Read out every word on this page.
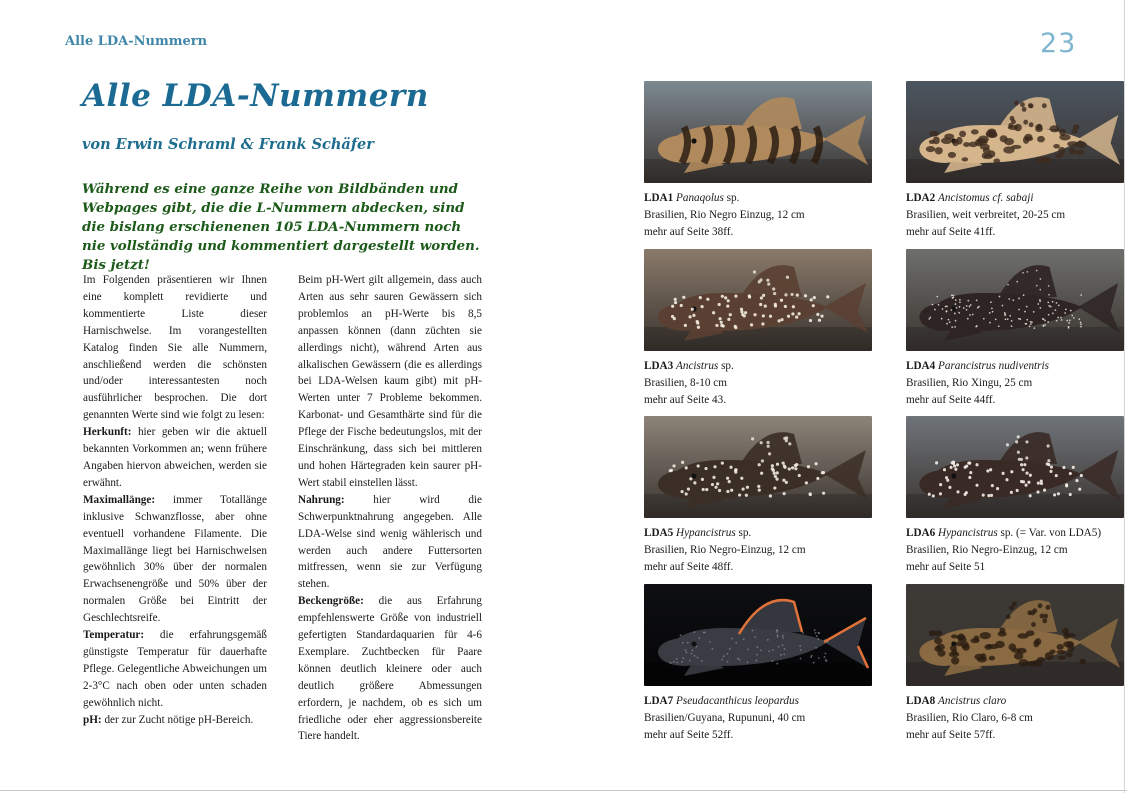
Alle LDA-Nummern	23
Alle LDA-Nummern
von Erwin Schraml & Frank Schäfer

Während es eine ganze Reihe von Bildbänden und Webpages gibt, die die L-Nummern abdecken, sind die bislang erschienenen 105 LDA-Nummern noch nie vollständig und kommentiert dargestellt worden. Bis jetzt!

Im Folgenden präsentieren wir Ihnen eine komplett revidierte und kommentierte Liste dieser Harnischwelse. Im vorangestellten Katalog finden Sie alle Nummern, anschließend werden die schönsten und/oder interessantesten noch ausführlicher besprochen. Die dort genannten Werte sind wie folgt zu lesen:

Herkunft: hier geben wir die aktuell bekannten Vorkommen an; wenn frühere Angaben hiervon abweichen, werden sie erwähnt.

Maximallänge: immer Totallänge inklusive Schwanzflosse, aber ohne eventuell vorhandene Filamente. Die Maximallänge liegt bei Harnischwelsen gewöhnlich 30% über der normalen Erwachsenengröße und 50% über der normalen Größe bei Eintritt der Geschlechtsreife.

Temperatur: die erfahrungsgemäß günstigste Temperatur für dauerhafte Pflege. Gelegentliche Abweichungen um 2-3°C nach oben oder unten schaden gewöhnlich nicht.

pH: der zur Zucht nötige pH-Bereich.

Beim pH-Wert gilt allgemein, dass auch Arten aus sehr sauren Gewässern sich problemlos an pH-Werte bis 8,5 anpassen können (dann züchten sie allerdings nicht), während Arten aus alkalischen Gewässern (die es allerdings bei LDA-Welsen kaum gibt) mit pH-Werten unter 7 Probleme bekommen. Karbonat- und Gesamthärte sind für die Pflege der Fische bedeutungslos, mit der Einschränkung, dass sich bei mittleren und hohen Härtegraden kein saurer pH-Wert stabil einstellen lässt.

Nahrung: hier wird die Schwerpunktnahrung angegeben. Alle LDA-Welse sind wenig wählerisch und werden auch andere Futtersorten mitfressen, wenn sie zur Verfügung stehen.

Beckengröße: die aus Erfahrung empfehlenswerte Größe von industriell gefertigten Standardaquarien für 4-6 Exemplare. Zuchtbecken für Paare können deutlich kleinere oder auch deutlich größere Abmessungen erfordern, je nachdem, ob es sich um friedliche oder eher aggressionsbereite Tiere handelt.

LDA1 Panaqolus sp.
Brasilien, Rio Negro Einzug, 12 cm
mehr auf Seite 38ff.
LDA2 Ancistomus cf. sabaji
Brasilien, weit verbreitet, 20-25 cm
mehr auf Seite 41ff.
LDA3 Ancistrus sp.
Brasilien, 8-10 cm
mehr auf Seite 43.
LDA4 Parancistrus nudiventris
Brasilien, Rio Xingu, 25 cm
mehr auf Seite 44ff.
LDA5 Hypancistrus sp.
Brasilien, Rio Negro-Einzug, 12 cm
mehr auf Seite 48ff.
LDA6 Hypancistrus sp. (= Var. von LDA5)
Brasilien, Rio Negro-Einzug, 12 cm
mehr auf Seite 51
LDA7 Pseudacanthicus leopardus
Brasilien/Guyana, Rupununi, 40 cm
mehr auf Seite 52ff.
LDA8 Ancistrus claro
Brasilien, Rio Claro, 6-8 cm
mehr auf Seite 57ff.
